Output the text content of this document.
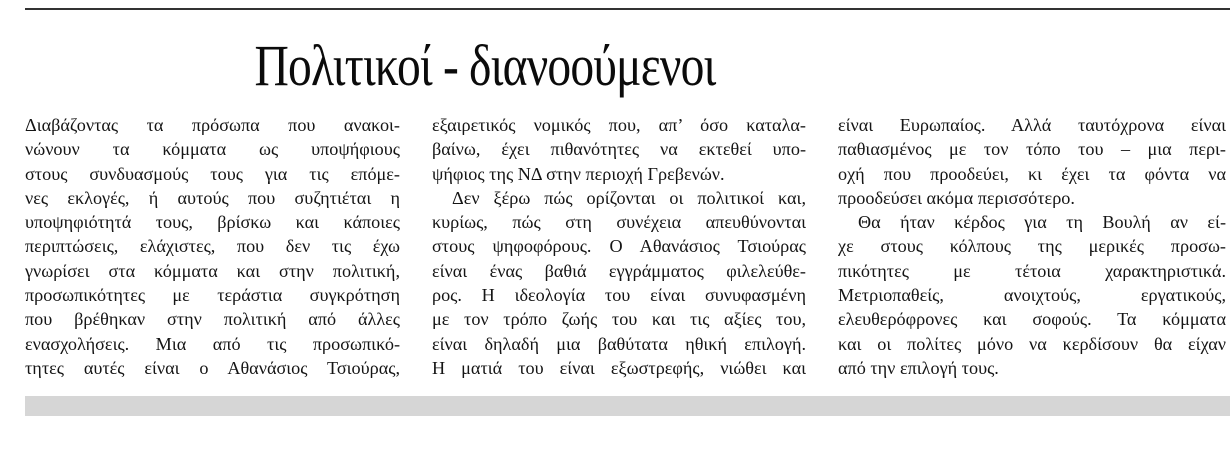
Πολιτικοί - διανοούμενοι
Διαβάζοντας τα πρόσωπα που ανακοι-
νώνουν τα κόμματα ως υποψήφιους
στους συνδυασμούς τους για τις επόμε-
νες εκλογές, ή αυτούς που συζητιέται η
υποψηφιότητά τους, βρίσκω και κάποιες
περιπτώσεις, ελάχιστες, που δεν τις έχω
γνωρίσει στα κόμματα και στην πολιτική,
προσωπικότητες με τεράστια συγκρότηση
που βρέθηκαν στην πολιτική από άλλες
ενασχολήσεις. Μια από τις προσωπικό-
τητες αυτές είναι ο Αθανάσιος Τσιούρας,
εξαιρετικός νομικός που, απ’ όσο καταλα-
βαίνω, έχει πιθανότητες να εκτεθεί υπο-
ψήφιος της ΝΔ στην περιοχή Γρεβενών.
Δεν ξέρω πώς ορίζονται οι πολιτικοί και,
κυρίως, πώς στη συνέχεια απευθύνονται
στους ψηφοφόρους. Ο Αθανάσιος Τσιούρας
είναι ένας βαθιά εγγράμματος φιλελεύθε-
ρος. Η ιδεολογία του είναι συνυφασμένη
με τον τρόπο ζωής του και τις αξίες του,
είναι δηλαδή μια βαθύτατα ηθική επιλογή.
Η ματιά του είναι εξωστρεφής, νιώθει και
είναι Ευρωπαίος. Αλλά ταυτόχρονα είναι
παθιασμένος με τον τόπο του – μια περι-
οχή που προοδεύει, κι έχει τα φόντα να
προοδεύσει ακόμα περισσότερο.
Θα ήταν κέρδος για τη Βουλή αν εί-
χε στους κόλπους της μερικές προσω-
πικότητες με τέτοια χαρακτηριστικά.
Μετριοπαθείς, ανοιχτούς, εργατικούς,
ελευθερόφρονες και σοφούς. Τα κόμματα
και οι πολίτες μόνο να κερδίσουν θα είχαν
από την επιλογή τους.
